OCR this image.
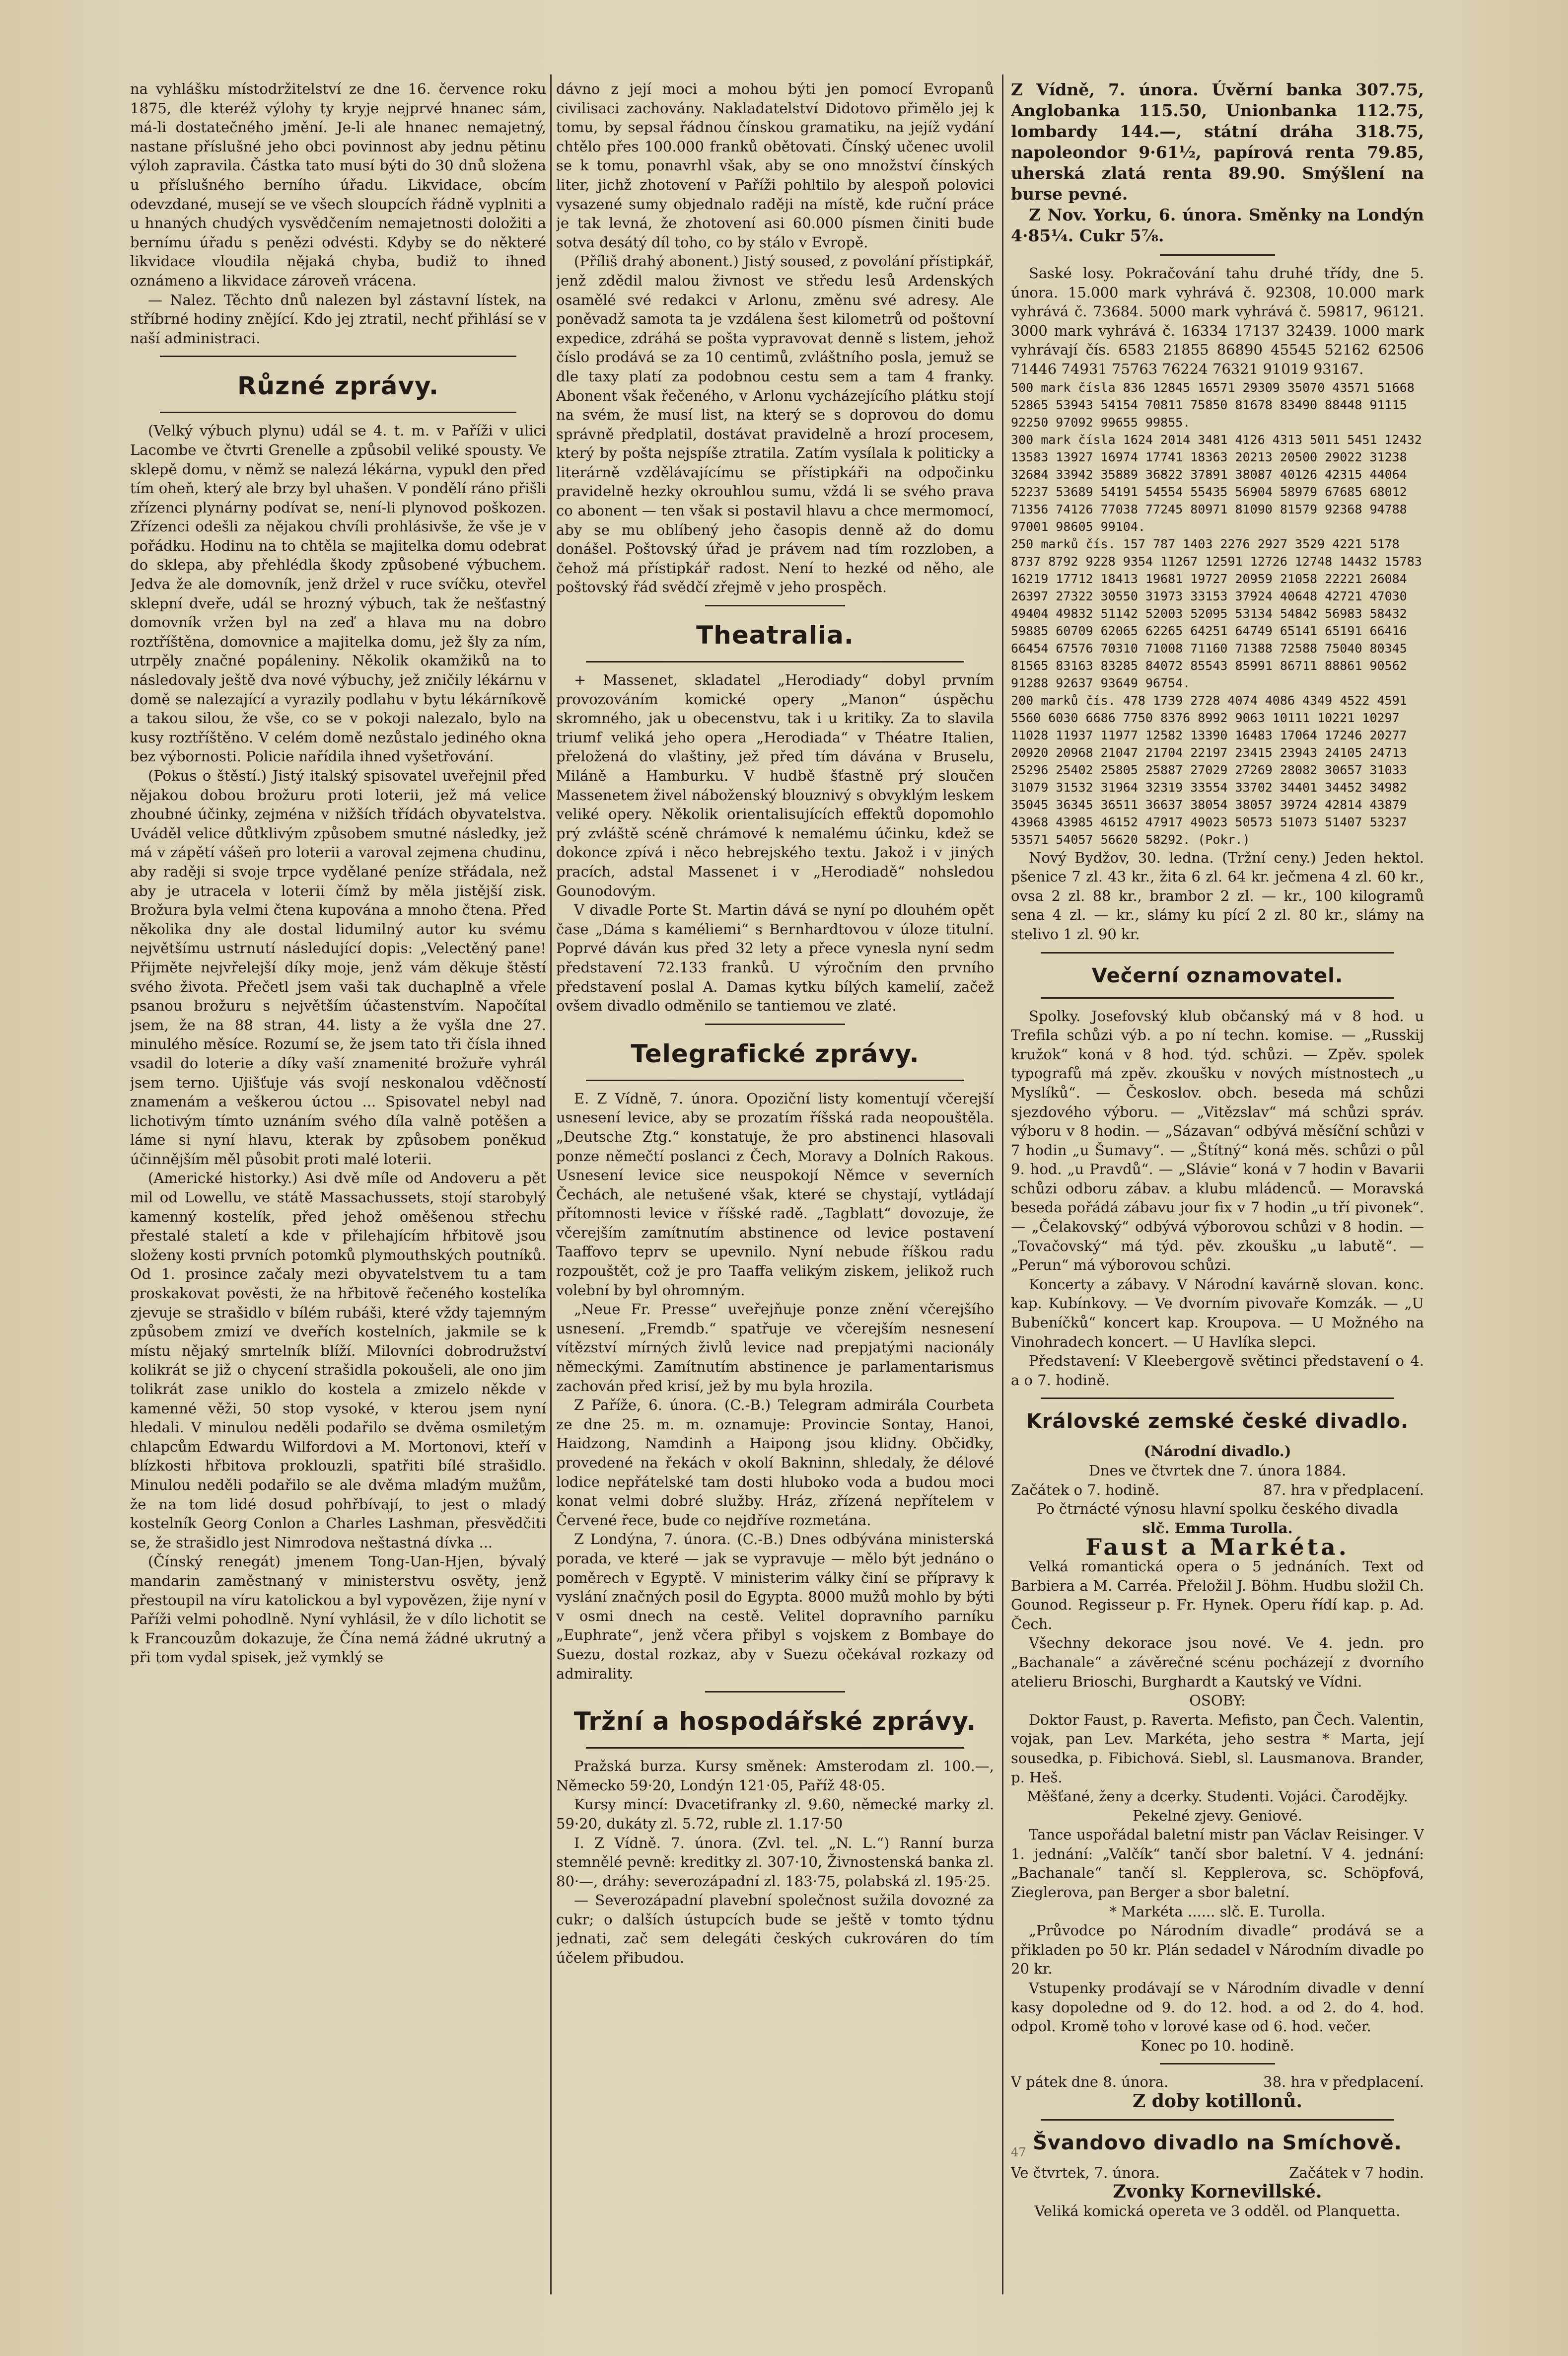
na vyhlášku místodržitelství ze dne 16. července roku 1875, dle kteréž výlohy ty kryje nejprvé hnanec sám, má-li dostatečného jmění. Je-li ale hnanec nemajetný, nastane příslušné jeho obci povinnost aby jednu pětinu výloh zapravila. Částka tato musí býti do 30 dnů složena u příslušného berního úřadu. Likvidace, obcím odevzdané, musejí se ve všech sloupcích řádně vyplniti a u hnaných chudých vysvědčením nemajetnosti doložiti a bernímu úřadu s penězi odvésti. Kdyby se do některé likvidace vloudila nějaká chyba, budiž to ihned oznámeno a likvidace zároveň vrácena.

— Nalez. Těchto dnů nalezen byl zástavní lístek, na stříbrné hodiny znějící. Kdo jej ztratil, nechť přihlásí se v naší administraci.

Různé zprávy.

(Velký výbuch plynu) udál se 4. t. m. v Paříži v ulici Lacombe ve čtvrti Grenelle a způsobil veliké spousty. Ve sklepě domu, v němž se nalezá lékárna, vypukl den před tím oheň, který ale brzy byl uhašen. V pondělí ráno přišli zřízenci plynárny podívat se, není-li plynovod poškozen. Zřízenci odešli za nějakou chvíli prohlásivše, že vše je v pořádku. Hodinu na to chtěla se majitelka domu odebrat do sklepa, aby přehlédla škody způsobené výbuchem. Jedva že ale domovník, jenž držel v ruce svíčku, otevřel sklepní dveře, udál se hrozný výbuch, tak že nešťastný domovník vržen byl na zeď a hlava mu na dobro roztříštěna, domovnice a majitelka domu, jež šly za ním, utrpěly značné popáleniny. Několik okamžiků na to následovaly ještě dva nové výbuchy, jež zničily lékárnu v domě se nalezající a vyrazily podlahu v bytu lékárníkově a takou silou, že vše, co se v pokoji nalezalo, bylo na kusy roztříštěno. V celém domě nezůstalo jediného okna bez výbornosti. Policie nařídila ihned vyšetřování.

(Pokus o štěstí.) Jistý italský spisovatel uveřejnil před nějakou dobou brožuru proti loterii, jež má velice zhoubné účinky, zejména v nižších třídách obyvatelstva. Uváděl velice důtklivým způsobem smutné následky, jež má v zápětí vášeň pro loterii a varoval zejmena chudinu, aby raději si svoje trpce vydělané peníze střádala, než aby je utracela v loterii čímž by měla jistější zisk. Brožura byla velmi čtena kupována a mnoho čtena. Před několika dny ale dostal lidumilný autor ku svému největšímu ustrnutí následující dopis: „Velectěný pane! Přijměte nejvřelejší díky moje, jenž vám děkuje štěstí svého života. Přečetl jsem vaši tak duchaplně a vřele psanou brožuru s největším účastenstvím. Napočítal jsem, že na 88 stran, 44. listy a že vyšla dne 27. minulého měsíce. Rozumí se, že jsem tato tři čísla ihned vsadil do loterie a díky vaší znamenité brožuře vyhrál jsem terno. Ujišťuje vás svojí neskonalou vděčností znamenám a veškerou úctou ... Spisovatel nebyl nad lichotivým tímto uznáním svého díla valně potěšen a láme si nyní hlavu, kterak by způsobem poněkud účinnějším měl působit proti malé loterii.

(Americké historky.) Asi dvě míle od Andoveru a pět mil od Lowellu, ve státě Massachussets, stojí starobylý kamenný kostelík, před jehož oměšenou střechu přestalé staletí a kde v přilehajícím hřbitově jsou složeny kosti prvních potomků plymouthských poutníků. Od 1. prosince začaly mezi obyvatelstvem tu a tam proskakovat pověsti, že na hřbitově řečeného kostelíka zjevuje se strašidlo v bílém rubáši, které vždy tajemným způsobem zmizí ve dveřích kostelních, jakmile se k místu nějaký smrtelník blíží. Milovníci dobrodružství kolikrát se již o chycení strašidla pokoušeli, ale ono jim tolikrát zase uniklo do kostela a zmizelo někde v kamenné věži, 50 stop vysoké, v kterou jsem nyní hledali. V minulou neděli podařilo se dvěma osmiletým chlapcům Edwardu Wilfordovi a M. Mortonovi, kteří v blízkosti hřbitova proklouzli, spatřiti bílé strašidlo. Minulou neděli podařilo se ale dvěma mladým mužům, že na tom lidé dosud pohřbívají, to jest o mladý kostelník Georg Conlon a Charles Lashman, přesvědčiti se, že strašidlo jest Nimrodova neštastná dívka ...

(Čínský renegát) jmenem Tong-Uan-Hjen, bývalý mandarin zaměstnaný v ministerstvu osvěty, jenž přestoupil na víru katolickou a byl vypovězen, žije nyní v Paříži velmi pohodlně. Nyní vyhlásil, že v dílo lichotit se k Francouzům dokazuje, že Čína nemá žádné ukrutný a při tom vydal spisek, jež vymklý se

dávno z její moci a mohou býti jen pomocí Evropanů civilisaci zachovány. Nakladatelství Didotovo přimělo jej k tomu, by sepsal řádnou čínskou gramatiku, na jejíž vydání chtělo přes 100.000 franků obětovati. Čínský učenec uvolil se k tomu, ponavrhl však, aby se ono množství čínských liter, jichž zhotovení v Paříži pohltilo by alespoň polovici vysazené sumy objednalo raději na místě, kde ruční práce je tak levná, že zhotovení asi 60.000 písmen činiti bude sotva desátý díl toho, co by stálo v Evropě.

(Příliš drahý abonent.) Jistý soused, z povolání přístipkář, jenž zdědil malou živnost ve středu lesů Ardenských osamělé své redakci v Arlonu, změnu své adresy. Ale poněvadž samota ta je vzdálena šest kilometrů od poštovní expedice, zdráhá se pošta vypravovat denně s listem, jehož číslo prodává se za 10 centimů, zvláštního posla, jemuž se dle taxy platí za podobnou cestu sem a tam 4 franky. Abonent však řečeného, v Arlonu vycházejícího plátku stojí na svém, že musí list, na který se s doprovou do domu správně předplatil, dostávat pravidelně a hrozí procesem, který by pošta nejspíše ztratila. Zatím vysílala k politicky a literárně vzdělávajícímu se přístipkáři na odpočinku pravidelně hezky okrouhlou sumu, vždá li se svého prava co abonent — ten však si postavil hlavu a chce mermomocí, aby se mu oblíbený jeho časopis denně až do domu donášel. Poštovský úřad je právem nad tím rozzloben, a čehož má přístipkář radost. Není to hezké od něho, ale poštovský řád svědčí zřejmě v jeho prospěch.

Theatralia.

+ Massenet, skladatel „Herodiady“ dobyl prvním provozováním komické opery „Manon“ úspěchu skromného, jak u obecenstvu, tak i u kritiky. Za to slavila triumf veliká jeho opera „Herodiada“ v Théatre Italien, přeložená do vlaštiny, jež před tím dávána v Bruselu, Miláně a Hamburku. V hudbě šťastně prý sloučen Massenetem živel náboženský blouznivý s obvyklým leskem veliké opery. Několik orientalisujících effektů dopomohlo prý zvláště scéně chrámové k nemalému účinku, kdež se dokonce zpívá i něco hebrejského textu. Jakož i v jiných pracích, adstal Massenet i v „Herodiadě“ nohsledou Gounodovým.

V divadle Porte St. Martin dává se nyní po dlouhém opět čase „Dáma s kaméliemi“ s Bernhardtovou v úloze titulní. Poprvé dáván kus před 32 lety a přece vynesla nyní sedm představení 72.133 franků. U výročním den prvního představení poslal A. Damas kytku bílých kamelií, začež ovšem divadlo odměnilo se tantiemou ve zlaté.

Telegrafické zprávy.

E. Z Vídně, 7. února. Opoziční listy komentují včerejší usnesení levice, aby se prozatím říšská rada neopouštěla. „Deutsche Ztg.“ konstatuje, že pro abstinenci hlasovali ponze němečtí poslanci z Čech, Moravy a Dolních Rakous. Usnesení levice sice neuspokojí Němce v severních Čechách, ale netušené však, které se chystají, vytládají přítomnosti levice v říšské radě. „Tagblatt“ dovozuje, že včerejším zamítnutím abstinence od levice postavení Taaffovo teprv se upevnilo. Nyní nebude říškou radu rozpouštět, což je pro Taaffa velikým ziskem, jelikož ruch volební by byl ohromným.

„Neue Fr. Presse“ uveřejňuje ponze znění včerejšího usnesení. „Fremdb.“ spatřuje ve včerejším nesnesení vítězství mírných živlů levice nad prepjatými nacionály německými. Zamítnutím abstinence je parlamentarismus zachován před krisí, jež by mu byla hrozila.

Z Paříže, 6. února. (C.-B.) Telegram admirála Courbeta ze dne 25. m. m. oznamuje: Provincie Sontay, Hanoi, Haidzong, Namdinh a Haipong jsou klidny. Občidky, provedené na řekách v okolí Bakninn, shledaly, že délové lodice nepřátelské tam dosti hluboko voda a budou moci konat velmi dobré služby. Hráz, zřízená nepřítelem v Červené řece, bude co nejdříve rozmetána.

Z Londýna, 7. února. (C.-B.) Dnes odbývána ministerská porada, ve které — jak se vypravuje — mělo být jednáno o poměrech v Egyptě. V ministerim války činí se přípravy k vyslání značných posil do Egypta. 8000 mužů mohlo by býti v osmi dnech na cestě. Velitel dopravního parníku „Euphrate“, jenž včera přibyl s vojskem z Bombaye do Suezu, dostal rozkaz, aby v Suezu očekával rozkazy od admirality.

Tržní a hospodářské zprávy.

Pražská burza. Kursy směnek: Amsterodam zl. 100.—, Německo 59·20, Londýn 121·05, Paříž 48·05.

Kursy mincí: Dvacetifranky zl. 9.60, německé marky zl. 59·20, dukáty zl. 5.72, ruble zl. 1.17·50

I. Z Vídně. 7. února. (Zvl. tel. „N. L.“) Ranní burza stemnělé pevně: kreditky zl. 307·10, Živnostenská banka zl. 80·—, dráhy: severozápadní zl. 183·75, polabská zl. 195·25.

— Severozápadní plavební společnost sužila dovozné za cukr; o dalších ústupcích bude se ještě v tomto týdnu jednati, zač sem delegáti českých cukrováren do tím účelem přibudou.

Z Vídně, 7. února. Úvěrní banka 307.75, Anglobanka 115.50, Unionbanka 112.75, lombardy 144.—, státní dráha 318.75, napoleondor 9·61½, papírová renta 79.85, uherská zlatá renta 89.90. Smýšlení na burse pevné.

Z Nov. Yorku, 6. února. Směnky na Londýn 4·85¼. Cukr 5⅞.

Saské losy. Pokračování tahu druhé třídy, dne 5. února. 15.000 mark vyhrává č. 92308, 10.000 mark vyhrává č. 73684. 5000 mark vyhrává č. 59817, 96121. 3000 mark vyhrává č. 16334 17137 32439. 1000 mark vyhrávají čís. 6583 21855 86890 45545 52162 62506 71446 74931 75763 76224 76321 91019 93167.

500 mark čísla 836 12845 16571 29309 35070 43571 51668 52865 53943 54154 70811 75850 81678 83490 88448 91115 92250 97092 99655 99855.

300 mark čísla 1624 2014 3481 4126 4313 5011 5451 12432 13583 13927 16974 17741 18363 20213 20500 29022 31238 32684 33942 35889 36822 37891 38087 40126 42315 44064 52237 53689 54191 54554 55435 56904 58979 67685 68012 71356 74126 77038 77245 80971 81090 81579 92368 94788 97001 98605 99104.

250 marků čís. 157 787 1403 2276 2927 3529 4221 5178 8737 8792 9228 9354 11267 12591 12726 12748 14432 15783 16219 17712 18413 19681 19727 20959 21058 22221 26084 26397 27322 30550 31973 33153 37924 40648 42721 47030 49404 49832 51142 52003 52095 53134 54842 56983 58432 59885 60709 62065 62265 64251 64749 65141 65191 66416 66454 67576 70310 71008 71160 71388 72588 75040 80345 81565 83163 83285 84072 85543 85991 86711 88861 90562 91288 92637 93649 96754.

200 marků čís. 478 1739 2728 4074 4086 4349 4522 4591 5560 6030 6686 7750 8376 8992 9063 10111 10221 10297 11028 11937 11977 12582 13390 16483 17064 17246 20277 20920 20968 21047 21704 22197 23415 23943 24105 24713 25296 25402 25805 25887 27029 27269 28082 30657 31033 31079 31532 31964 32319 33554 33702 34401 34452 34982 35045 36345 36511 36637 38054 38057 39724 42814 43879 43968 43985 46152 47917 49023 50573 51073 51407 53237 53571 54057 56620 58292. (Pokr.)

Nový Bydžov, 30. ledna. (Tržní ceny.) Jeden hektol. pšenice 7 zl. 43 kr., žita 6 zl. 64 kr. ječmena 4 zl. 60 kr., ovsa 2 zl. 88 kr., brambor 2 zl. — kr., 100 kilogramů sena 4 zl. — kr., slámy ku pící 2 zl. 80 kr., slámy na stelivo 1 zl. 90 kr.

Večerní oznamovatel.

Spolky. Josefovský klub občanský má v 8 hod. u Trefila schůzi výb. a po ní techn. komise. — „Russkij kružok“ koná v 8 hod. týd. schůzi. — Zpěv. spolek typografů má zpěv. zkoušku v nových místnostech „u Myslíků“. — Českoslov. obch. beseda má schůzi sjezdového výboru. — „Vitězslav“ má schůzi správ. výboru v 8 hodin. — „Sázavan“ odbývá měsíční schůzi v 7 hodin „u Šumavy“. — „Štítný“ koná měs. schůzi o půl 9. hod. „u Pravdů“. — „Slávie“ koná v 7 hodin v Bavarii schůzi odboru zábav. a klubu mládenců. — Moravská beseda pořádá zábavu jour fix v 7 hodin „u tří pivonek“. — „Čelakovský“ odbývá výborovou schůzi v 8 hodin. — „Tovačovský“ má týd. pěv. zkoušku „u labutě“. — „Perun“ má výborovou schůzi.

Koncerty a zábavy. V Národní kavárně slovan. konc. kap. Kubínkovy. — Ve dvorním pivovaře Komzák. — „U Bubeníčků“ koncert kap. Kroupova. — U Možného na Vinohradech koncert. — U Havlíka slepci.

Představení: V Kleebergově světinci představení o 4. a o 7. hodině.

Královské zemské české divadlo.

(Národní divadlo.)

Dnes ve čtvrtek dne 7. února 1884.

Začátek o 7. hodině.	87. hra v předplacení.

Po čtrnácté výnosu hlavní spolku českého divadla

slč. Emma Turolla.

Faust a Markéta.

Velká romantická opera o 5 jednáních. Text od Barbiera a M. Carréa. Přeložil J. Böhm. Hudbu složil Ch. Gounod. Regisseur p. Fr. Hynek. Operu řídí kap. p. Ad. Čech.

Všechny dekorace jsou nové. Ve 4. jedn. pro „Bachanale“ a závěrečné scénu pocházejí z dvorního atelieru Brioschi, Burghardt a Kautský ve Vídni.

OSOBY:

Doktor Faust, p. Raverta. Mefisto, pan Čech. Valentin, vojak, pan Lev. Markéta, jeho sestra * Marta, její sousedka, p. Fibichová. Siebl, sl. Lausmanova. Brander, p. Heš.

Měšťané, ženy a dcerky. Studenti. Vojáci. Čarodějky. Pekelné zjevy. Geniové.

Tance uspořádal baletní mistr pan Václav Reisinger. V 1. jednání: „Valčík“ tančí sbor baletní. V 4. jednání: „Bachanale“ tančí sl. Kepplerova, sc. Schöpfová, Zieglerova, pan Berger a sbor baletní.

* Markéta ...... slč. E. Turolla.

„Průvodce po Národním divadle“ prodává se a přikladen po 50 kr. Plán sedadel v Národním divadle po 20 kr.

Vstupenky prodávají se v Národním divadle v denní kasy dopoledne od 9. do 12. hod. a od 2. do 4. hod. odpol. Kromě toho v lorové kase od 6. hod. večer.

Konec po 10. hodině.

V pátek dne 8. února.	38. hra v předplacení.

Z doby kotillonů.

Švandovo divadlo na Smíchově.
Ve čtvrtek, 7. února.	Začátek v 7 hodin.

Zvonky Kornevillské.

Veliká komická opereta ve 3 odděl. od Planquetta.

47
